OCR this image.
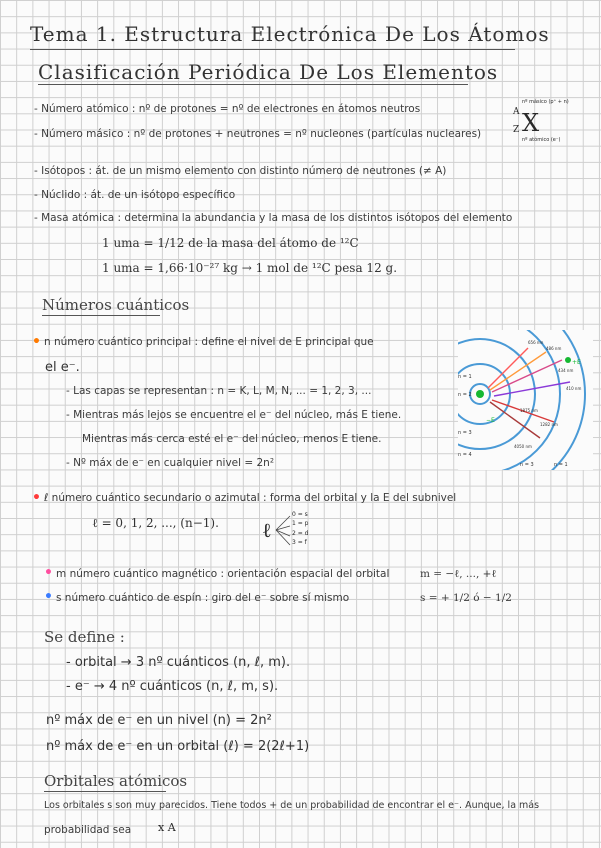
Tema 1. Estructura Electrónica De Los Átomos
Clasificación Periódica De Los Elementos
- Número atómico : nº de protones = nº de electrones en átomos neutros
- Número másico : nº de protones + neutrones = nº nucleones (partículas nucleares)
A X
Z
nº másico (p⁺ + n)
nº atómico (e⁻)
- Isótopos : át. de un mismo elemento con distinto número de neutrones (≠ A)
- Núclido : át. de un isótopo específico
- Masa atómica : determina la abundancia y la masa de los distintos isótopos del elemento
1 uma = 1/12 de la masa del átomo de ¹²C
1 uma = 1,66·10⁻²⁷ kg → 1 mol de ¹²C pesa 12 g.
Números cuánticos
• n número cuántico principal : define el nivel de E principal que
el e⁻.
- Las capas se representan : n = K, L, M, N, ... = 1, 2, 3, ...
- Mientras más lejos se encuentre el e⁻ del núcleo, más E tiene.
Mientras más cerca esté el e⁻ del núcleo, menos E tiene.
- Nº máx de e⁻ en cualquier nivel = 2n²
+E
−E
n = 1
n = 2
n = 3
n = 4
656 nm
486 nm
434 nm
410 nm
1875 nm
1282 nm
4050 nm
n = 3	n = 1
• ℓ número cuántico secundario o azimutal : forma del orbital y la E del subnivel
ℓ = 0, 1, 2, ..., (n−1). ℓ
0 = s
1 = p
2 = d
3 = f
• m número cuántico magnético : orientación espacial del orbital	m = −ℓ, ..., +ℓ
• s número cuántico de espín : giro del e⁻ sobre sí mismo	s = + 1/2 ó − 1/2
Se define :
- orbital → 3 nº cuánticos (n, ℓ, m).
- e⁻ → 4 nº cuánticos (n, ℓ, m, s).
nº máx de e⁻ en un nivel (n) = 2n²
nº máx de e⁻ en un orbital (ℓ) = 2(2ℓ+1)
Orbitales atómicos
Los orbitales s son muy parecidos. Tiene todos + de un probabilidad de encontrar el e⁻. Aunque, la más
probabilidad sea x A
